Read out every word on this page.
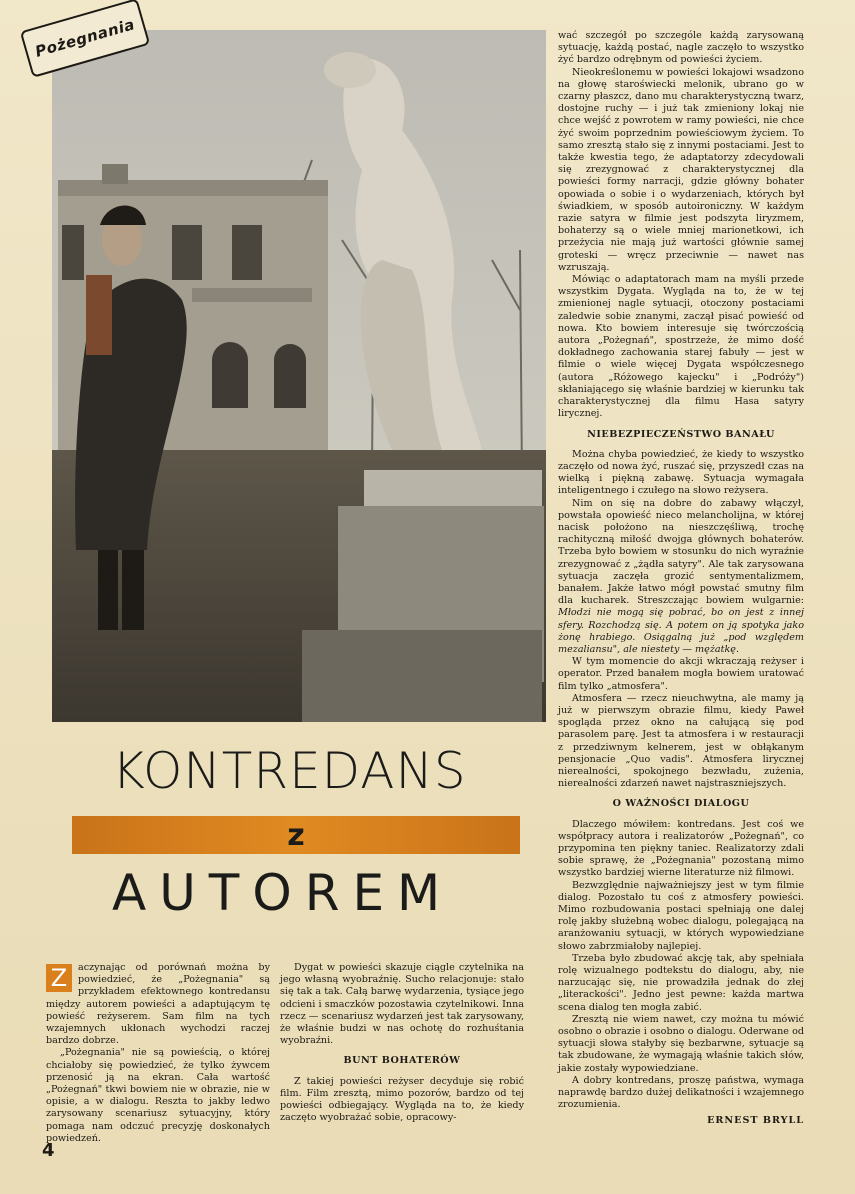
Pożegnania	wać szczegół po szczególe każdą zarysowaną sytuację, każdą postać, nagle zaczęło to wszystko żyć bardzo odrębnym od powieści życiem.

Nieokreślonemu w powieści lokajowi wsadzono na głowę staroświecki melonik, ubrano go w czarny płaszcz, dano mu charakterystyczną twarz, dostojne ruchy — i już tak zmieniony lokaj nie chce wejść z powrotem w ramy powieści, nie chce żyć swoim poprzednim powieściowym życiem. To samo zresztą stało się z innymi postaciami. Jest to także kwestia tego, że adaptatorzy zdecydowali się zrezygnować z charakterystycznej dla powieści formy narracji, gdzie główny bohater opowiada o sobie i o wydarzeniach, których był świadkiem, w sposób autoironiczny. W każdym razie satyra w filmie jest podszyta liryzmem, bohaterzy są o wiele mniej marionetkowi, ich przeżycia nie mają już wartości głównie samej groteski — wręcz przeciwnie — nawet nas wzruszają.

Mówiąc o adaptatorach mam na myśli przede wszystkim Dygata. Wygląda na to, że w tej zmienionej nagle sytuacji, otoczony postaciami zaledwie sobie znanymi, zaczął pisać powieść od nowa. Kto bowiem interesuje się twórczością autora „Pożegnań", spostrzeże, że mimo dość dokładnego zachowania starej fabuły — jest w filmie o wiele więcej Dygata współczesnego (autora „Różowego kajecku" i „Podróży") skłaniającego się właśnie bardziej w kierunku tak charakterystycznej dla filmu Hasa satyry lirycznej.

NIEBEZPIECZEŃSTWO BANAŁU

Można chyba powiedzieć, że kiedy to wszystko zaczęło od nowa żyć, ruszać się, przyszedł czas na wielką i piękną zabawę. Sytuacja wymagała inteligentnego i czułego na słowo reżysera.

Nim on się na dobre do zabawy włączył, powstała opowieść nieco melancholijna, w której nacisk położono na nieszczęśliwą, trochę rachityczną miłość dwojga głównych bohaterów. Trzeba było bowiem w stosunku do nich wyraźnie zrezygnować z „żądła satyry". Ale tak zarysowana sytuacja zaczęła grozić sentymentalizmem, banałem. Jakże łatwo mógł powstać smutny film dla kucharek. Streszczając bowiem wulgarnie: Młodzi nie mogą się pobrać, bo on jest z innej sfery. Rozchodzą się. A potem on ją spotyka jako żonę hrabiego. Osiągalną już „pod względem mezaliansu", ale niestety — mężatkę.

W tym momencie do akcji wkraczają reżyser i operator. Przed banałem mogła bowiem uratować film tylko „atmosfera".

Atmosfera — rzecz nieuchwytna, ale mamy ją już w pierwszym obrazie filmu, kiedy Paweł spogląda przez okno na całującą się pod parasolem parę. Jest ta atmosfera i w restauracji z przedziwnym kelnerem, jest w obłąkanym pensjonacie „Quo vadis". Atmosfera lirycznej nierealności, spokojnego bezwładu, zużenia, nierealności zdarzeń nawet najstraszniejszych.

O WAŻNOŚCI DIALOGU

Dlaczego mówiłem: kontredans. Jest coś we współpracy autora i realizatorów „Pożegnań", co przypomina ten piękny taniec. Realizatorzy zdali sobie sprawę, że „Pożegnania" pozostaną mimo wszystko bardziej wierne literaturze niż filmowi.

Bezwzględnie najważniejszy jest w tym filmie dialog. Pozostało tu coś z atmosfery powieści. Mimo rozbudowania postaci spełniają one dalej rolę jakby służebną wobec dialogu, polegającą na aranżowaniu sytuacji, w których wypowiedziane słowo zabrzmiałoby najlepiej.

Trzeba było zbudować akcję tak, aby spełniała rolę wizualnego podtekstu do dialogu, aby, nie narzucając się, nie prowadziła jednak do złej „literackości". Jedno jest pewne: każda martwa scena dialog ten mogła zabić.

Zresztą nie wiem nawet, czy można tu mówić osobno o obrazie i osobno o dialogu. Oderwane od sytuacji słowa stałyby się bezbarwne, sytuacje są tak zbudowane, że wymagają właśnie takich słów, jakie zostały wypowiedziane.

A dobry kontredans, proszę państwa, wymaga naprawdę bardzo dużej delikatności i wzajemnego zrozumienia.

ERNEST BRYLL
KONTREDANS
z
AUTOREM

Z	aczynając od porównań można by powiedzieć, że „Pożegnania" są przykładem efektownego kontredansu między autorem powieści a adaptującym tę powieść reżyserem. Sam film na tych wzajemnych ukłonach wychodzi raczej bardzo dobrze.

„Pożegnania" nie są powieścią, o której chciałoby się powiedzieć, że tylko żywcem przenosić ją na ekran. Cała wartość „Pożegnań" tkwi bowiem nie w obrazie, nie w opisie, a w dialogu. Reszta to jakby ledwo zarysowany scenariusz sytuacyjny, który pomaga nam odczuć precyzję doskonałych powiedzeń.

Dygat w powieści skazuje ciągle czytelnika na jego własną wyobraźnię. Sucho relacjonuje: stało się tak a tak. Całą barwę wydarzenia, tysiące jego odcieni i smaczków pozostawia czytelnikowi. Inna rzecz — scenariusz wydarzeń jest tak zarysowany, że właśnie budzi w nas ochotę do rozhuśtania wyobraźni.

BUNT BOHATERÓW

Z takiej powieści reżyser decyduje się robić film. Film zresztą, mimo pozorów, bardzo od tej powieści odbiegający. Wygląda na to, że kiedy zaczęto wyobrażać sobie, opracowy-

4
